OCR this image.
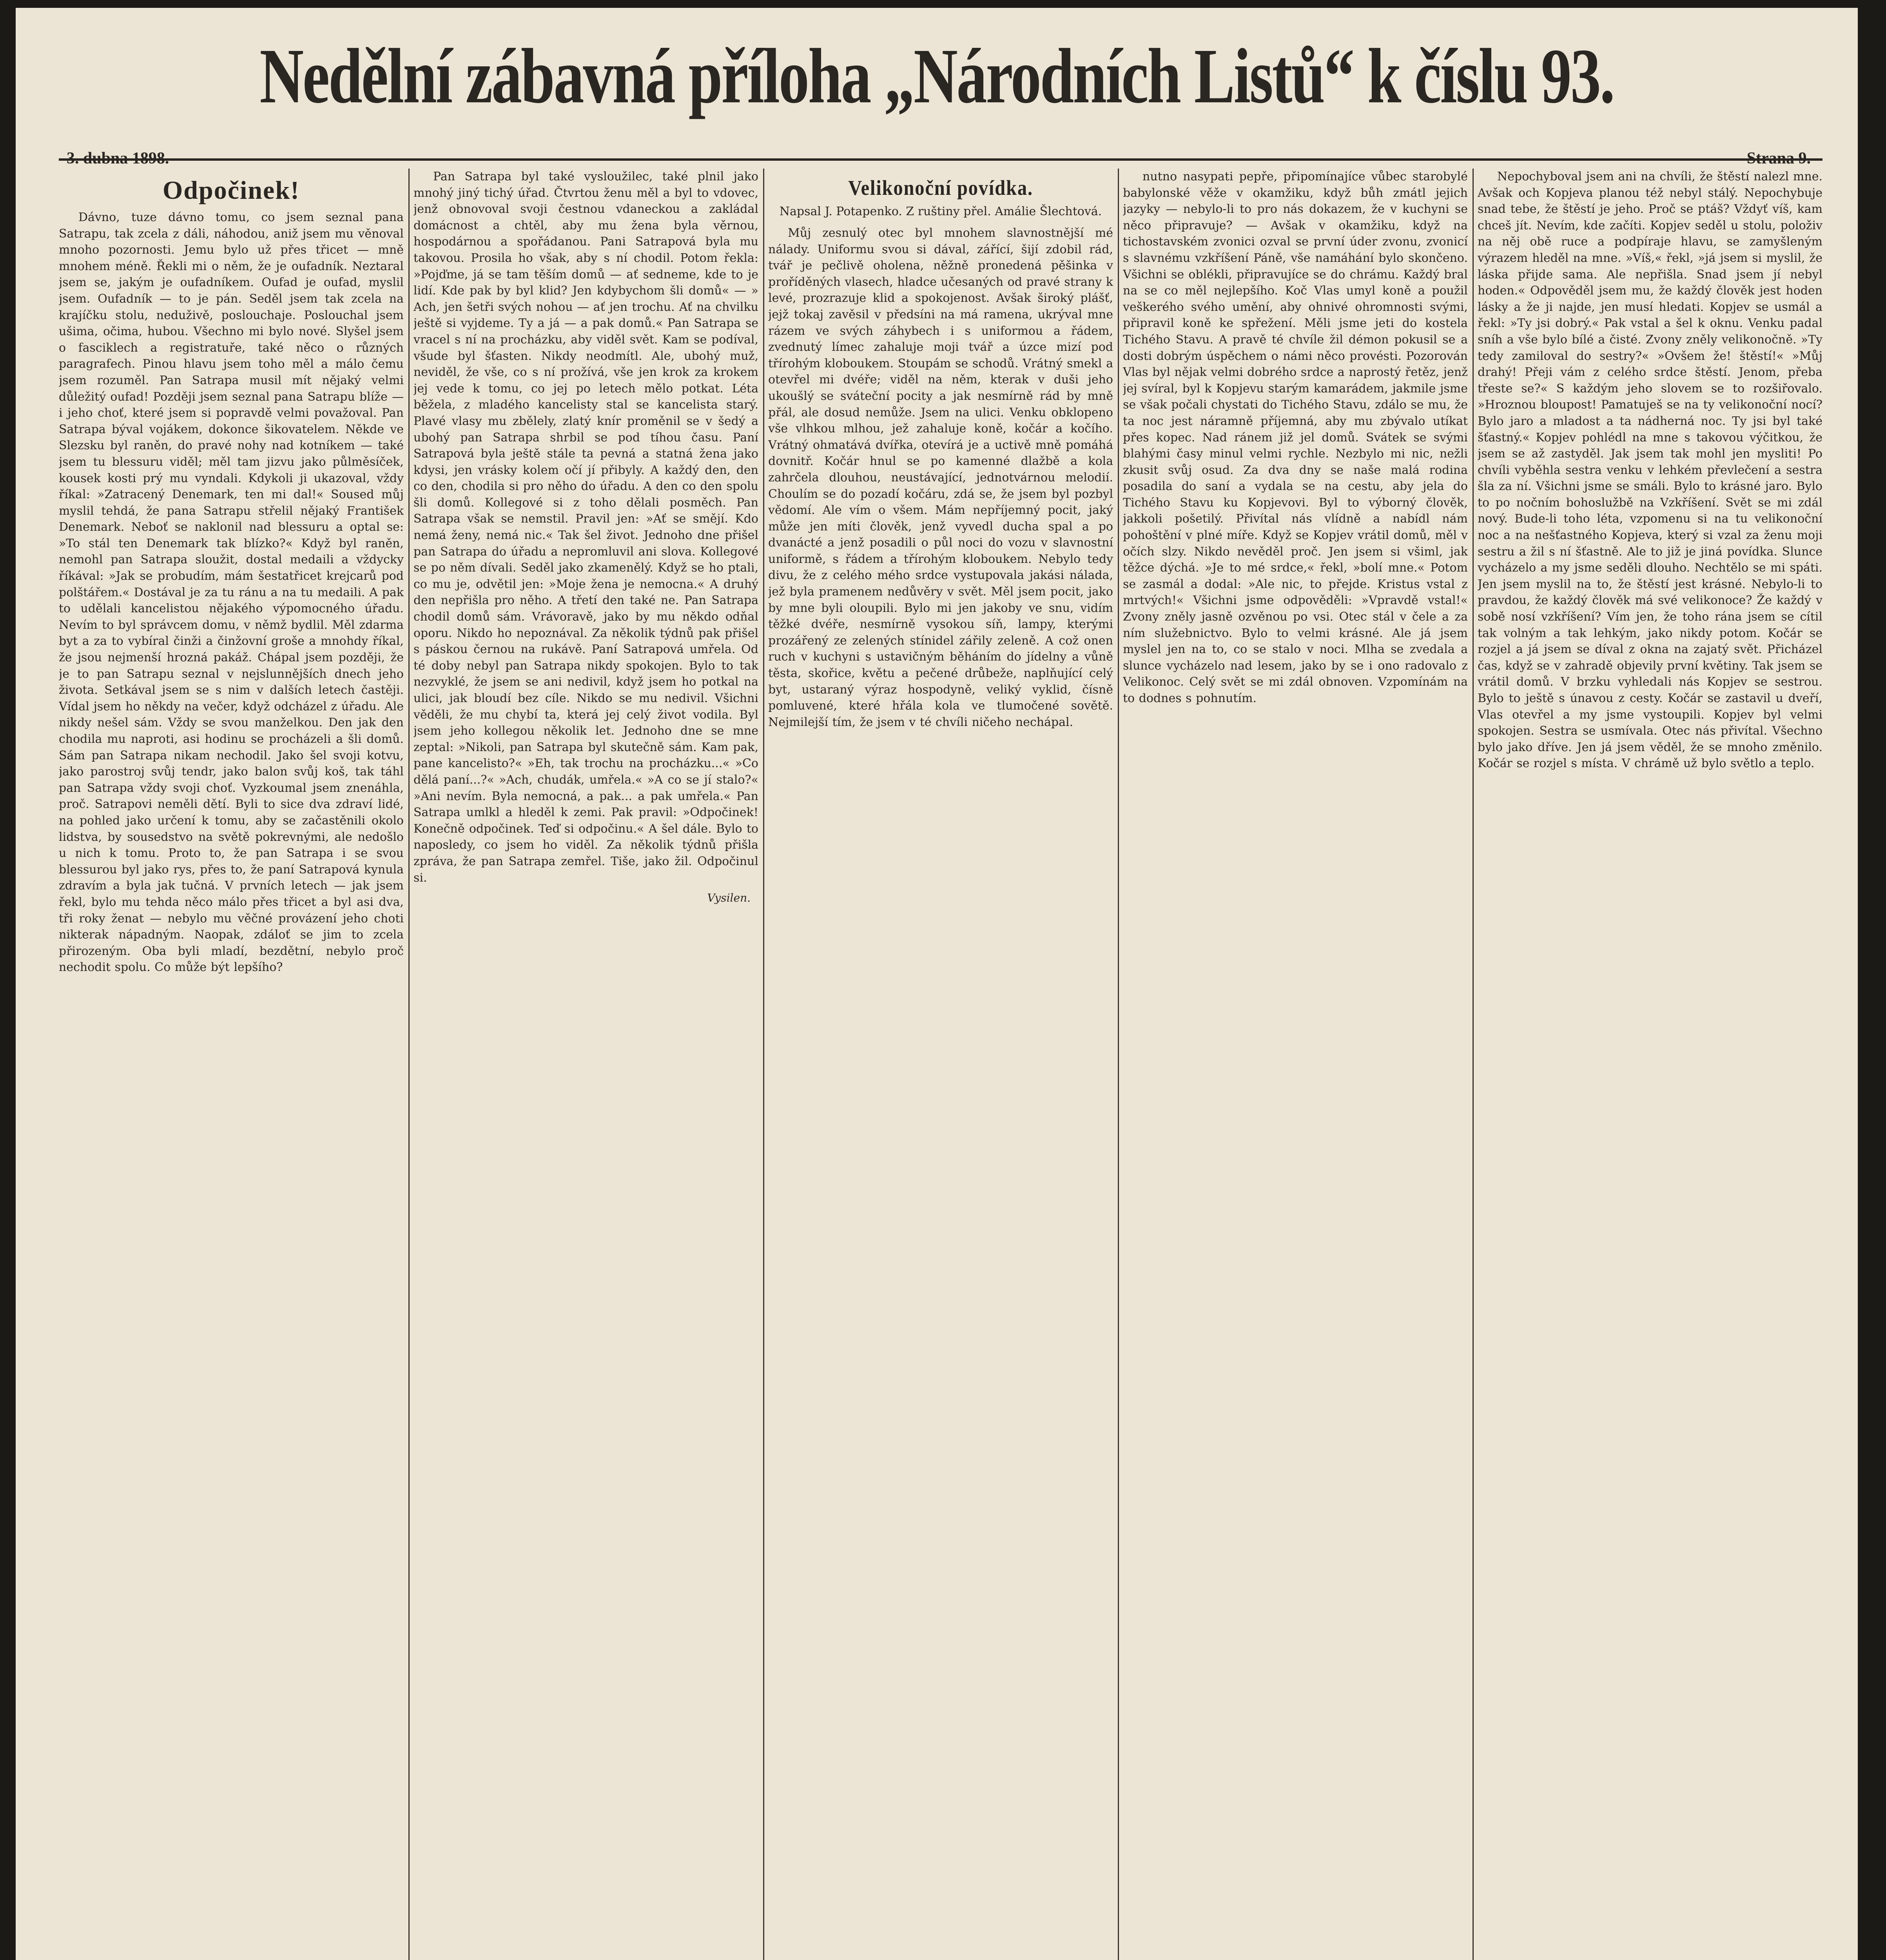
Nedělní zábavná příloha „Národních Listů“ k číslu 93.
Odpočinek!

Dávno, tuze dávno tomu, co jsem seznal pana Satrapu, tak zcela z dáli, náhodou, aniž jsem mu věnoval mnoho pozornosti. Jemu bylo už přes třicet — mně mnohem méně. Řekli mi o něm, že je oufadník. Neztaral jsem se, jakým je oufadníkem. Oufad je oufad, myslil jsem. Oufadník — to je pán. Seděl jsem tak zcela na krajíčku stolu, neduživě, poslouchaje. Poslouchal jsem ušima, očima, hubou. Všechno mi bylo nové. Slyšel jsem o fasciklech a registratuře, také něco o různých paragrafech. Pinou hlavu jsem toho měl a málo čemu jsem rozuměl. Pan Satrapa musil mít nějaký velmi důležitý oufad! Později jsem seznal pana Satrapu blíže — i jeho choť, které jsem si popravdě velmi považoval. Pan Satrapa býval vojákem, dokonce šikovatelem. Někde ve Slezsku byl raněn, do pravé nohy nad kotníkem — také jsem tu blessuru viděl; měl tam jizvu jako půlměsíček, kousek kosti prý mu vyndali. Kdykoli ji ukazoval, vždy říkal: »Zatracený Denemark, ten mi dal!« Soused můj myslil tehdá, že pana Satrapu střelil nějaký František Denemark. Neboť se naklonil nad blessuru a optal se: »To stál ten Denemark tak blízko?« Když byl raněn, nemohl pan Satrapa sloužit, dostal medaili a vždycky říkával: »Jak se probudím, mám šestatřicet krejcarů pod polštářem.« Dostával je za tu ránu a na tu medaili. A pak to udělali kancelistou nějakého výpomocného úřadu. Nevím to byl správcem domu, v němž bydlil. Měl zdarma byt a za to vybíral činži a činžovní groše a mnohdy říkal, že jsou nejmenší hrozná pakáž. Chápal jsem později, že je to pan Satrapu seznal v nejslunnějších dnech jeho života. Setkával jsem se s nim v dalších letech častěji. Vídal jsem ho někdy na večer, když odcházel z úřadu. Ale nikdy nešel sám. Vždy se svou manželkou. Den jak den chodila mu naproti, asi hodinu se procházeli a šli domů. Sám pan Satrapa nikam nechodil. Jako šel svoji kotvu, jako parostroj svůj tendr, jako balon svůj koš, tak táhl pan Satrapa vždy svoji choť. Vyzkoumal jsem znenáhla, proč. Satrapovi neměli dětí. Byli to sice dva zdraví lidé, na pohled jako určení k tomu, aby se začastěnili okolo lidstva, by sousedstvo na světě pokrevnými, ale nedošlo u nich k tomu. Proto to, že pan Satrapa i se svou blessurou byl jako rys, přes to, že paní Satrapová kynula zdravím a byla jak tučná. V prvních letech — jak jsem řekl, bylo mu tehda něco málo přes třicet a byl asi dva, tři roky ženat — nebylo mu věčné provázení jeho choti nikterak nápadným. Naopak, zdáloť se jim to zcela přirozeným. Oba byli mladí, bezdětní, nebylo proč nechodit spolu. Co může být lepšího?

Pan Satrapa byl také vysloužilec, také plnil jako mnohý jiný tichý úřad. Čtvrtou ženu měl a byl to vdovec, jenž obnovoval svoji čestnou vdaneckou a zakládal domácnost a chtěl, aby mu žena byla věrnou, hospodárnou a spořádanou. Pani Satrapová byla mu takovou. Prosila ho však, aby s ní chodil. Potom řekla: »Pojďme, já se tam těším domů — ať sedneme, kde to je lidí. Kde pak by byl klid? Jen kdybychom šli domů« — » Ach, jen šetři svých nohou — ať jen trochu. Ať na chvilku ještě si vyjdeme. Ty a já — a pak domů.« Pan Satrapa se vracel s ní na procházku, aby viděl svět. Kam se podíval, všude byl šťasten. Nikdy neodmítl. Ale, ubohý muž, neviděl, že vše, co s ní prožívá, vše jen krok za krokem jej vede k tomu, co jej po letech mělo potkat. Léta běžela, z mladého kancelisty stal se kancelista starý. Plavé vlasy mu zbělely, zlatý knír proměnil se v šedý a ubohý pan Satrapa shrbil se pod tíhou času. Paní Satrapová byla ještě stále ta pevná a statná žena jako kdysi, jen vrásky kolem očí jí přibyly. A každý den, den co den, chodila si pro něho do úřadu. A den co den spolu šli domů. Kollegové si z toho dělali posměch. Pan Satrapa však se nemstil. Pravil jen: »Ať se smějí. Kdo nemá ženy, nemá nic.« Tak šel život. Jednoho dne přišel pan Satrapa do úřadu a nepromluvil ani slova. Kollegové se po něm dívali. Seděl jako zkamenělý. Když se ho ptali, co mu je, odvětil jen: »Moje žena je nemocna.« A druhý den nepřišla pro něho. A třetí den také ne. Pan Satrapa chodil domů sám. Vrávoravě, jako by mu někdo odňal oporu. Nikdo ho nepoznával. Za několik týdnů pak přišel s páskou černou na rukávě. Paní Satrapová umřela. Od té doby nebyl pan Satrapa nikdy spokojen. Bylo to tak nezvyklé, že jsem se ani nedivil, když jsem ho potkal na ulici, jak bloudí bez cíle. Nikdo se mu nedivil. Všichni věděli, že mu chybí ta, která jej celý život vodila. Byl jsem jeho kollegou několik let. Jednoho dne se mne zeptal: »Nikoli, pan Satrapa byl skutečně sám. Kam pak, pane kancelisto?« »Eh, tak trochu na procházku...« »Co dělá paní...?« »Ach, chudák, umřela.« »A co se jí stalo?« »Ani nevím. Byla nemocná, a pak... a pak umřela.« Pan Satrapa umlkl a hleděl k zemi. Pak pravil: »Odpočinek! Konečně odpočinek. Teď si odpočinu.« A šel dále. Bylo to naposledy, co jsem ho viděl. Za několik týdnů přišla zpráva, že pan Satrapa zemřel. Tiše, jako žil. Odpočinul si.

Vysilen.
Velikonoční povídka.
Napsal J. Potapenko. Z ruštiny přel. Amálie Šlechtová.

Můj zesnulý otec byl mnohem slavnostnější mé nálady. Uniformu svou si dával, zářící, šijí zdobil rád, tvář je pečlivě oholena, něžně pronedená pěšinka v proříděných vlasech, hladce učesaných od pravé strany k levé, prozrazuje klid a spokojenost. Avšak široký plášť, jejž tokaj zavěsil v předsíni na má ramena, ukrýval mne rázem ve svých záhybech i s uniformou a řádem, zvednutý límec zahaluje moji tvář a úzce mizí pod třírohým kloboukem. Stoupám se schodů. Vrátný smekl a otevřel mi dvéře; viděl na něm, kterak v duši jeho ukoušlý se sváteční pocity a jak nesmírně rád by mně přál, ale dosud nemůže. Jsem na ulici. Venku obklopeno vše vlhkou mlhou, jež zahaluje koně, kočár a kočího. Vrátný ohmatává dvířka, otevírá je a uctivě mně pomáhá dovnitř. Kočár hnul se po kamenné dlažbě a kola zahrčela dlouhou, neustávající, jednotvárnou melodií. Choulím se do pozadí kočáru, zdá se, že jsem byl pozbyl vědomí. Ale vím o všem. Mám nepříjemný pocit, jaký může jen míti člověk, jenž vyvedl ducha spal a po dvanácté a jenž posadili o půl noci do vozu v slavnostní uniformě, s řádem a třírohým kloboukem. Nebylo tedy divu, že z celého mého srdce vystupovala jakási nálada, jež byla pramenem nedůvěry v svět. Měl jsem pocit, jako by mne byli oloupili. Bylo mi jen jakoby ve snu, vidím těžké dvéře, nesmírně vysokou síň, lampy, kterými prozářený ze zelených stínidel zářily zeleně. A což onen ruch v kuchyni s ustavičným běháním do jídelny a vůně těsta, skořice, květu a pečené drůbeže, naplňující celý byt, ustaraný výraz hospodyně, veliký vyklid, čísně pomluvené, které hřála kola ve tlumočené sovětě. Nejmilejší tím, že jsem v té chvíli ničeho nechápal.

nutno nasypati pepře, připomínajíce vůbec starobylé babylonské věže v okamžiku, když bůh zmátl jejich jazyky — nebylo-li to pro nás dokazem, že v kuchyni se něco připravuje? — Avšak v okamžiku, když na tichostavském zvonici ozval se první úder zvonu, zvonicí s slavnému vzkříšení Páně, vše namáhání bylo skončeno. Všichni se oblékli, připravujíce se do chrámu. Každý bral na se co měl nejlepšího. Koč Vlas umyl koně a použil veškerého svého umění, aby ohnivé ohromnosti svými, připravil koně ke spřežení. Měli jsme jeti do kostela Tichého Stavu. A pravě té chvíle žil démon pokusil se a dosti dobrým úspěchem o námi něco provésti. Pozorován Vlas byl nějak velmi dobrého srdce a naprostý řetěz, jenž jej svíral, byl k Kopjevu starým kamarádem, jakmile jsme se však počali chystati do Tichého Stavu, zdálo se mu, že ta noc jest náramně příjemná, aby mu zbývalo utíkat přes kopec. Nad ránem již jel domů. Svátek se svými blahými časy minul velmi rychle. Nezbylo mi nic, nežli zkusit svůj osud. Za dva dny se naše malá rodina posadila do saní a vydala se na cestu, aby jela do Tichého Stavu ku Kopjevovi. Byl to výborný člověk, jakkoli pošetilý. Přivítal nás vlídně a nabídl nám pohoštění v plné míře. Když se Kopjev vrátil domů, měl v očích slzy. Nikdo nevěděl proč. Jen jsem si všiml, jak těžce dýchá. »Je to mé srdce,« řekl, »bolí mne.« Potom se zasmál a dodal: »Ale nic, to přejde. Kristus vstal z mrtvých!« Všichni jsme odpověděli: »Vpravdě vstal!« Zvony zněly jasně ozvěnou po vsi. Otec stál v čele a za ním služebnictvo. Bylo to velmi krásné. Ale já jsem myslel jen na to, co se stalo v noci. Mlha se zvedala a slunce vycházelo nad lesem, jako by se i ono radovalo z Velikonoc. Celý svět se mi zdál obnoven. Vzpomínám na to dodnes s pohnutím.

Nepochyboval jsem ani na chvíli, že štěstí nalezl mne. Avšak och Kopjeva planou též nebyl stálý. Nepochybuje snad tebe, že štěstí je jeho. Proč se ptáš? Vždyť víš, kam chceš jít. Nevím, kde začíti. Kopjev seděl u stolu, položiv na něj obě ruce a podpíraje hlavu, se zamyšleným výrazem hleděl na mne. »Víš,« řekl, »já jsem si myslil, že láska přijde sama. Ale nepřišla. Snad jsem jí nebyl hoden.« Odpověděl jsem mu, že každý člověk jest hoden lásky a že ji najde, jen musí hledati. Kopjev se usmál a řekl: »Ty jsi dobrý.« Pak vstal a šel k oknu. Venku padal sníh a vše bylo bílé a čisté. Zvony zněly velikonočně. »Ty tedy zamiloval do sestry?« »Ovšem že! štěstí!« »Můj drahý! Přeji vám z celého srdce štěstí. Jenom, přeba třeste se?« S každým jeho slovem se to rozšiřovalo. »Hroznou bloupost! Pamatuješ se na ty velikonoční nocí? Bylo jaro a mladost a ta nádherná noc. Ty jsi byl také šťastný.« Kopjev pohlédl na mne s takovou výčitkou, že jsem se až zastyděl. Jak jsem tak mohl jen mysliti! Po chvíli vyběhla sestra venku v lehkém převlečení a sestra šla za ní. Všichni jsme se smáli. Bylo to krásné jaro. Bylo to po nočním bohoslužbě na Vzkříšení. Svět se mi zdál nový. Bude-li toho léta, vzpomenu si na tu velikonoční noc a na nešťastného Kopjeva, který si vzal za ženu moji sestru a žil s ní šťastně. Ale to již je jiná povídka. Slunce vycházelo a my jsme seděli dlouho. Nechtělo se mi spáti. Jen jsem myslil na to, že štěstí jest krásné. Nebylo-li to pravdou, že každý člověk má své velikonoce? Že každý v sobě nosí vzkříšení? Vím jen, že toho rána jsem se cítil tak volným a tak lehkým, jako nikdy potom. Kočár se rozjel a já jsem se díval z okna na zajatý svět. Přicházel čas, když se v zahradě objevily první květiny. Tak jsem se vrátil domů. V brzku vyhledali nás Kopjev se sestrou. Bylo to ještě s únavou z cesty. Kočár se zastavil u dveří, Vlas otevřel a my jsme vystoupili. Kopjev byl velmi spokojen. Sestra se usmívala. Otec nás přivítal. Všechno bylo jako dříve. Jen já jsem věděl, že se mnoho změnilo. Kočár se rozjel s místa. V chrámě už bylo světlo a teplo.
